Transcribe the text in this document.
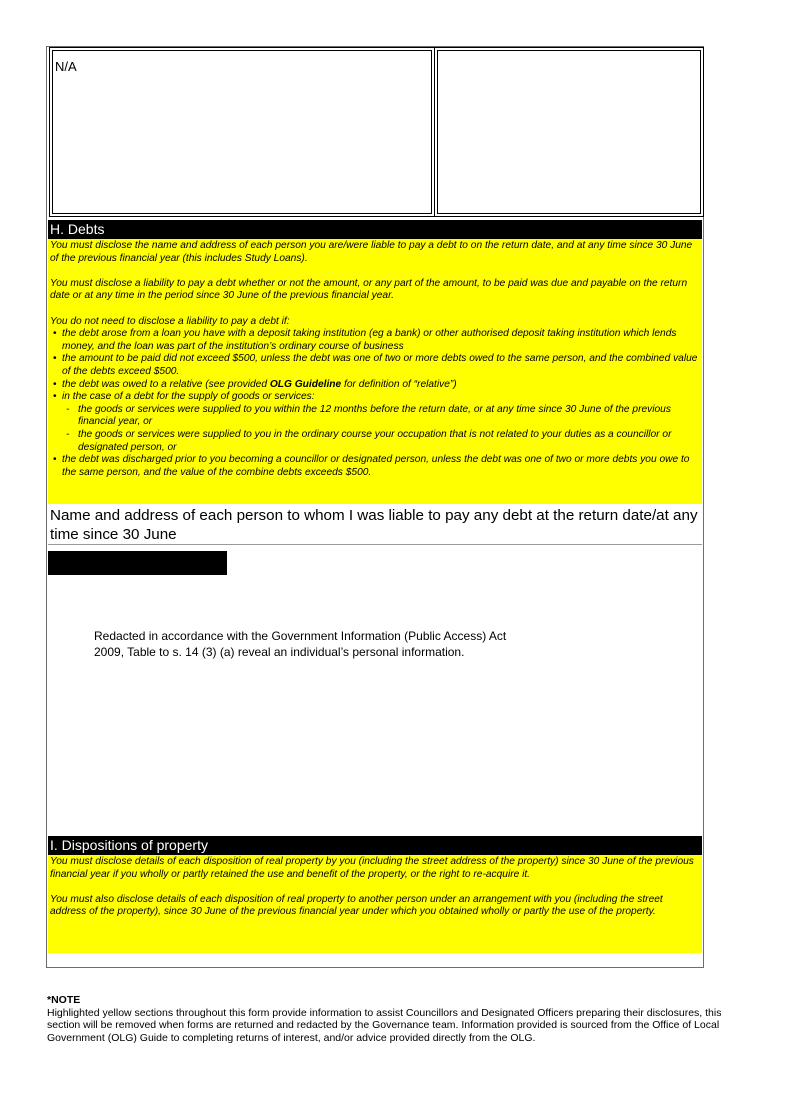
N/A
H. Debts

You must disclose the name and address of each person you are/were liable to pay a debt to on the return date, and at any time since 30 June of the previous financial year (this includes Study Loans).

You must disclose a liability to pay a debt whether or not the amount, or any part of the amount, to be paid was due and payable on the return date or at any time in the period since 30 June of the previous financial year.

You do not need to disclose a liability to pay a debt if:

• the debt arose from a loan you have with a deposit taking institution (eg a bank) or other authorised deposit taking institution which lends money, and the loan was part of the institution’s ordinary course of business

• the amount to be paid did not exceed $500, unless the debt was one of two or more debts owed to the same person, and the combined value of the debts exceed $500.

• the debt was owed to a relative (see provided OLG Guideline for definition of “relative”)

• in the case of a debt for the supply of goods or services:

- the goods or services were supplied to you within the 12 months before the return date, or at any time since 30 June of the previous financial year, or

- the goods or services were supplied to you in the ordinary course your occupation that is not related to your duties as a councillor or designated person, or

• the debt was discharged prior to you becoming a councillor or designated person, unless the debt was one of two or more debts you owe to the same person, and the value of the combine debts exceeds $500.

Name and address of each person to whom I was liable to pay any debt at the return date/at any time since 30 June
Redacted in accordance with the Government Information (Public Access) Act 2009, Table to s. 14 (3) (a) reveal an individual’s personal information.
I. Dispositions of property

You must disclose details of each disposition of real property by you (including the street address of the property) since 30 June of the previous financial year if you wholly or partly retained the use and benefit of the property, or the right to re-acquire it.

You must also disclose details of each disposition of real property to another person under an arrangement with you (including the street address of the property), since 30 June of the previous financial year under which you obtained wholly or partly the use of the property.

*NOTE
Highlighted yellow sections throughout this form provide information to assist Councillors and Designated Officers preparing their disclosures, this section will be removed when forms are returned and redacted by the Governance team. Information provided is sourced from the Office of Local Government (OLG) Guide to completing returns of interest, and/or advice provided directly from the OLG.
